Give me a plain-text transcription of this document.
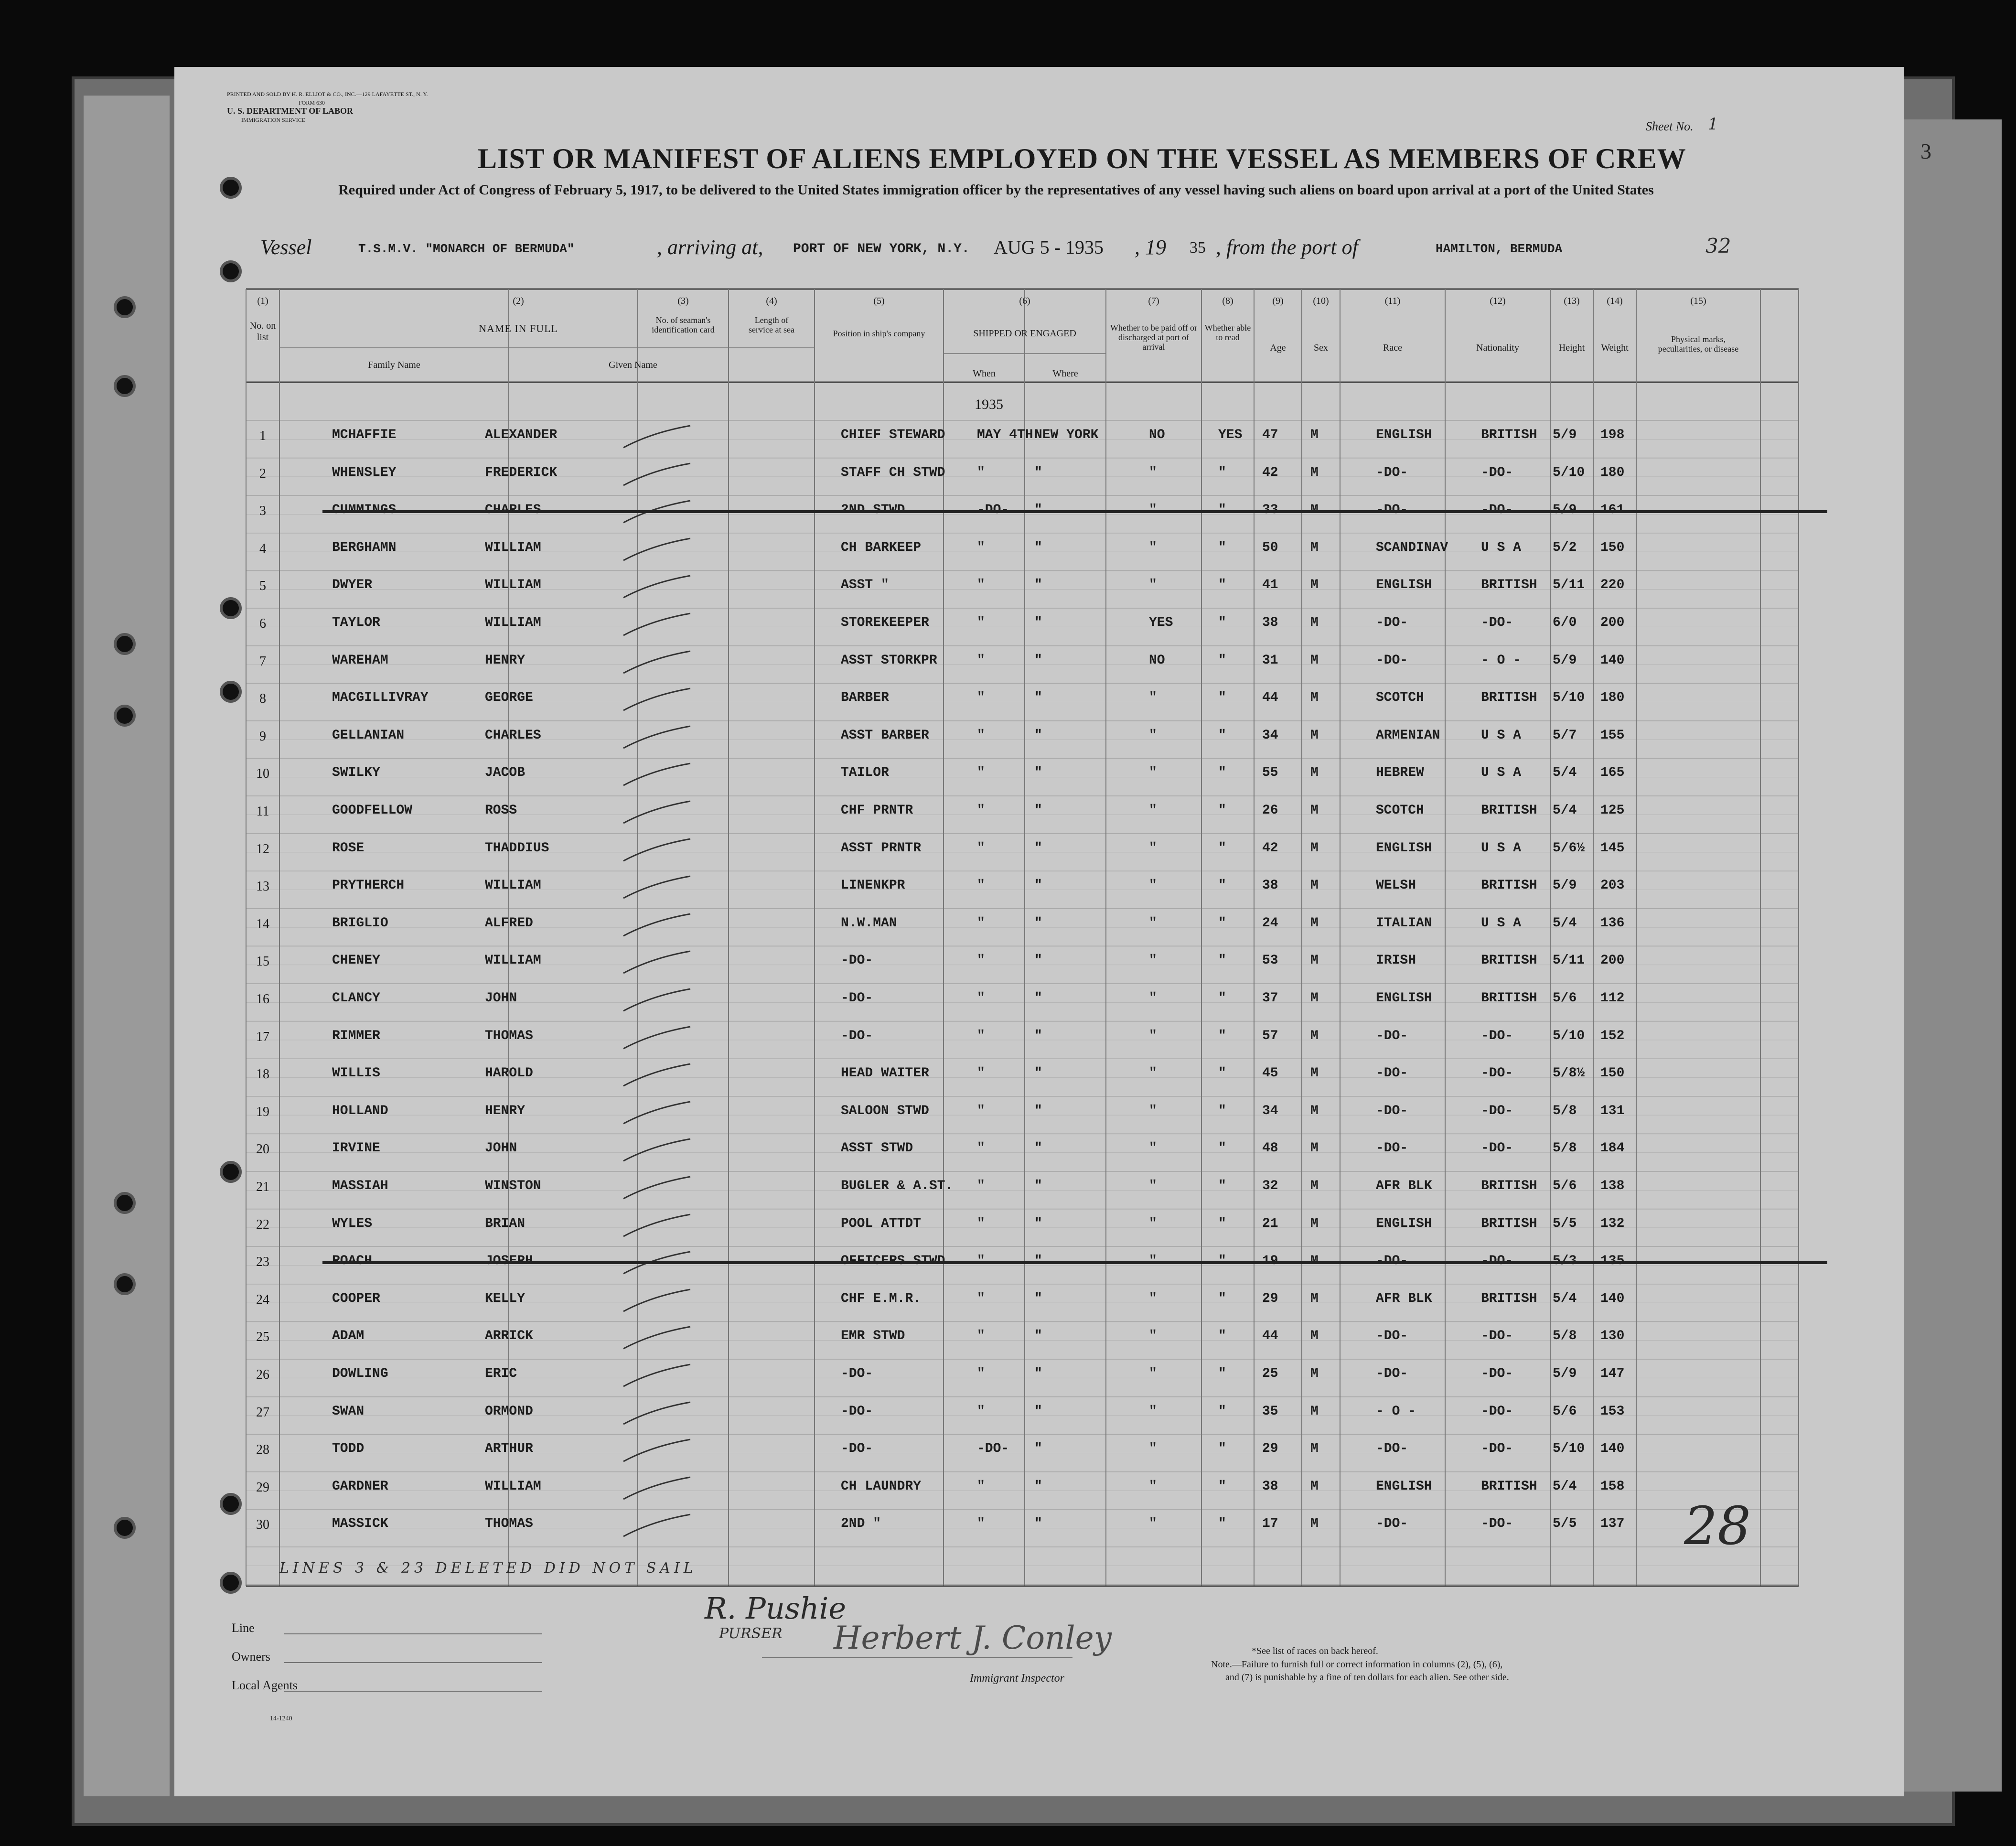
3
PRINTED AND SOLD BY H. R. ELLIOT & CO., INC.—129 LAFAYETTE ST., N. Y.
FORM 630
U. S. DEPARTMENT OF LABOR
IMMIGRATION SERVICE	Sheet No. 1
LIST OR MANIFEST OF ALIENS EMPLOYED ON THE VESSEL AS MEMBERS OF CREW
Required under Act of Congress of February 5, 1917, to be delivered to the United States immigration officer by the representatives of any vessel having such aliens on board upon arrival at a port of the United States
Vessel	T.S.M.V. "MONARCH OF BERMUDA"	, arriving at, PORT OF NEW YORK, N.Y. AUG 5 - 1935 , 19 35 , from the port of	HAMILTON, BERMUDA	32
(1)
No. on list
(2)
NAME IN FULL
Family Name	Given Name
(3)
No. of seaman's identification card
(4)
Length of service at sea
(5)
Position in ship's company
(6)
SHIPPED OR ENGAGED
When	Where
(7)
Whether to be paid off or discharged at port of arrival
(8)
Whether able to read
(9)
Age
(10)
Sex
(11)
Race
(12)
Nationality
(13)
Height
(14)
Weight
(15)
Physical marks, peculiarities, or disease
1935
1	MCHAFFIE	ALEXANDER	CHIEF STEWARD MAY 4TH NEW YORK	NO	YES 47 M	ENGLISH	BRITISH 5/9 198
2	WHENSLEY	FREDERICK	STAFF CH STWD "	"	"	"	42 M	-DO-	-DO-	5/10 180
3
4	BERGHAMN	WILLIAM	CH BARKEEP	"	"	"	"	50 M	SCANDINAV U S A 5/2 150
5	DWYER	WILLIAM	ASST "	"	"	"	"	41 M	ENGLISH	BRITISH 5/11 220
6	TAYLOR	WILLIAM	STOREKEEPER	"	"	YES	"	38 M	-DO-	-DO-	6/0 200
7	WAREHAM	HENRY	ASST STORKPR	"	"	NO	"	31 M	-DO-	- O - 5/9 140
8	MACGILLIVRAY	GEORGE	BARBER	"	"	"	"	44 M	SCOTCH	BRITISH 5/10 180
9	GELLANIAN	CHARLES	ASST BARBER	"	"	"	"	34 M	ARMENIAN	U S A 5/7 155
10	SWILKY	JACOB	TAILOR	"	"	"	"	55 M	HEBREW	U S A 5/4 165
11	GOODFELLOW	ROSS	CHF PRNTR	"	"	"	"	26 M	SCOTCH	BRITISH 5/4 125
12	ROSE	THADDIUS	ASST PRNTR	"	"	"	"	42 M	ENGLISH	U S A 5/6½ 145
13	PRYTHERCH	WILLIAM	LINENKPR	"	"	"	"	38 M	WELSH	BRITISH 5/9 203
14	BRIGLIO	ALFRED	N.W.MAN	"	"	"	"	24 M	ITALIAN	U S A 5/4 136
15	CHENEY	WILLIAM	-DO-	"	"	"	"	53 M	IRISH	BRITISH 5/11 200
16	CLANCY	JOHN	-DO-	"	"	"	"	37 M	ENGLISH	BRITISH 5/6 112
17	RIMMER	THOMAS	-DO-	"	"	"	"	57 M	-DO-	-DO-	5/10 152
18	WILLIS	HAROLD	HEAD WAITER	"	"	"	"	45 M	-DO-	-DO-	5/8½ 150
19	HOLLAND	HENRY	SALOON STWD	"	"	"	"	34 M	-DO-	-DO-	5/8 131
20	IRVINE	JOHN	ASST STWD	"	"	"	"	48 M	-DO-	-DO-	5/8 184
21	MASSIAH	WINSTON	BUGLER & A.ST. "	"	"	"	32 M	AFR BLK	BRITISH 5/6 138
22	WYLES	BRIAN	POOL ATTDT	"	"	"	"	21 M	ENGLISH	BRITISH 5/5 132
23
24	COOPER	KELLY	CHF E.M.R.	"	"	"	"	29 M	AFR BLK	BRITISH 5/4 140
25	ADAM	ARRICK	EMR STWD	"	"	"	"	44 M	-DO-	-DO-	5/8 130
26	DOWLING	ERIC	-DO-	"	"	"	"	25 M	-DO-	-DO-	5/9 147
27	SWAN	ORMOND	-DO-	"	"	"	"	35 M	- O -	-DO-	5/6 153
28	TODD	ARTHUR	-DO-	-DO- "	"	"	29 M	-DO-	-DO-	5/10 140
29	GARDNER	WILLIAM	CH LAUNDRY	"	"	"	"	38 M	ENGLISH	BRITISH 5/4 158
30	MASSICK	THOMAS	2ND "	"	"	"	"	17 M	-DO-	-DO-	5/5 137
LINES 3 & 23 DELETED DID NOT SAIL
28
Line
Owners
Local Agents
14-1240
R. Pushie
PURSER Herbert J. Conley
Immigrant Inspector
*See list of races on back hereof.
Note.—Failure to furnish full or correct information in columns (2), (5), (6),
and (7) is punishable by a fine of ten dollars for each alien. See other side.
